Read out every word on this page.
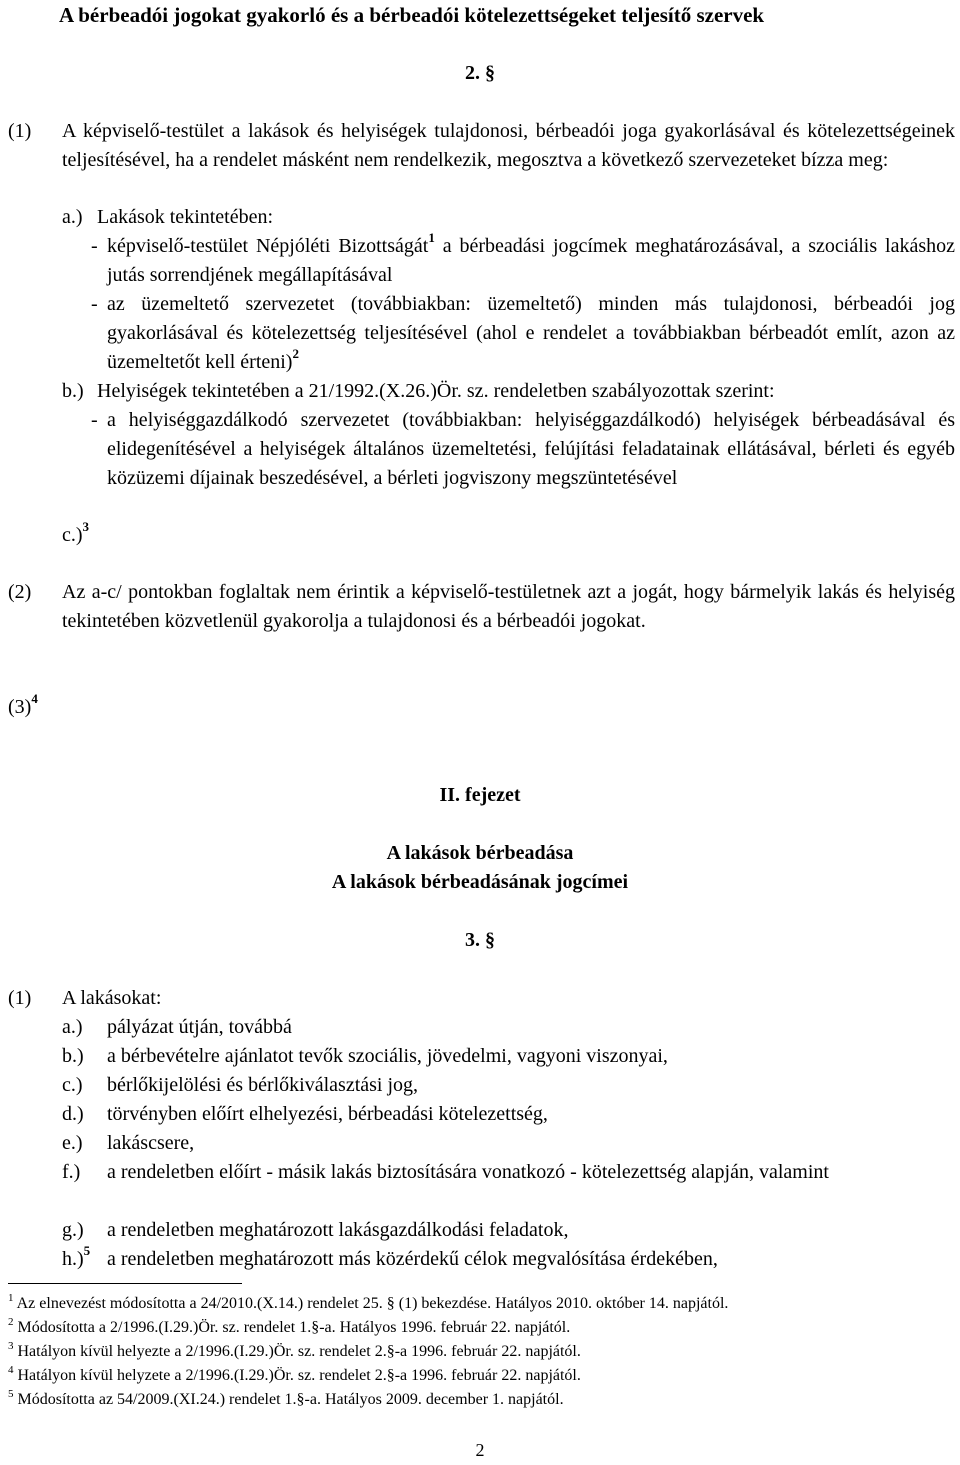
A bérbeadói jogokat gyakorló és a bérbeadói kötelezettségeket teljesítő szervek
2. §
(1) A képviselő-testület a lakások és helyiségek tulajdonosi, bérbeadói joga gyakorlásával és kötelezettségeinek teljesítésével, ha a rendelet másként nem rendelkezik, megosztva a következő szervezeteket bízza meg:
a.) Lakások tekintetében:
- képviselő-testület Népjóléti Bizottságát$^1$ a bérbeadási jogcímek meghatározásával, a szociális lakáshoz jutás sorrendjének megállapításával
- az üzemeltető szervezetet (továbbiakban: üzemeltető) minden más tulajdonosi, bérbeadói jog gyakorlásával és kötelezettség teljesítésével (ahol e rendelet a továbbiakban bérbeadót említ, azon az üzemeltetőt kell érteni)$^2$
b.) Helyiségek tekintetében a 21/1992.(X.26.)Ör. sz. rendeletben szabályozottak szerint:
- a helyiséggazdálkodó szervezetet (továbbiakban: helyiséggazdálkodó) helyiségek bérbeadásával és elidegenítésével a helyiségek általános üzemeltetési, felújítási feladatainak ellátásával, bérleti és egyéb közüzemi díjainak beszedésével, a bérleti jogviszony megszüntetésével
c.)$^3$
(2) Az a-c/ pontokban foglaltak nem érintik a képviselő-testületnek azt a jogát, hogy bármelyik lakás és helyiség tekintetében közvetlenül gyakorolja a tulajdonosi és a bérbeadói jogokat.
$(3)^4$
II. fejezet
A lakások bérbeadása
A lakások bérbeadásának jogcímei
3. §
(1) A lakásokat:
a.) pályázat útján, továbbá
b.) a bérbevételre ajánlatot tevők szociális, jövedelmi, vagyoni viszonyai,
c.) bérlőkijelölési és bérlőkiválasztási jog,
d.) törvényben előírt elhelyezési, bérbeadási kötelezettség,
e.) lakáscsere,
f.) a rendeletben előírt - másik lakás biztosítására vonatkozó - kötelezettség alapján, valamint
g.) a rendeletben meghatározott lakásgazdálkodási feladatok,
h.)$^5$ a rendeletben meghatározott más közérdekű célok megvalósítása érdekében,
$^1$ Az elnevezést módosította a 24/2010.(X.14.) rendelet 25. § (1) bekezdése. Hatályos 2010. október 14. napjától.
$^2$ Módosította a 2/1996.(I.29.)Ör. sz. rendelet 1.§-a. Hatályos 1996. február 22. napjától.
$^3$ Hatályon kívül helyezte a 2/1996.(I.29.)Ör. sz. rendelet 2.§-a 1996. február 22. napjától.
$^4$ Hatályon kívül helyzete a 2/1996.(I.29.)Ör. sz. rendelet 2.§-a 1996. február 22. napjától.
$^5$ Módosította az 54/2009.(XI.24.) rendelet 1.§-a. Hatályos 2009. december 1. napjától.
2
